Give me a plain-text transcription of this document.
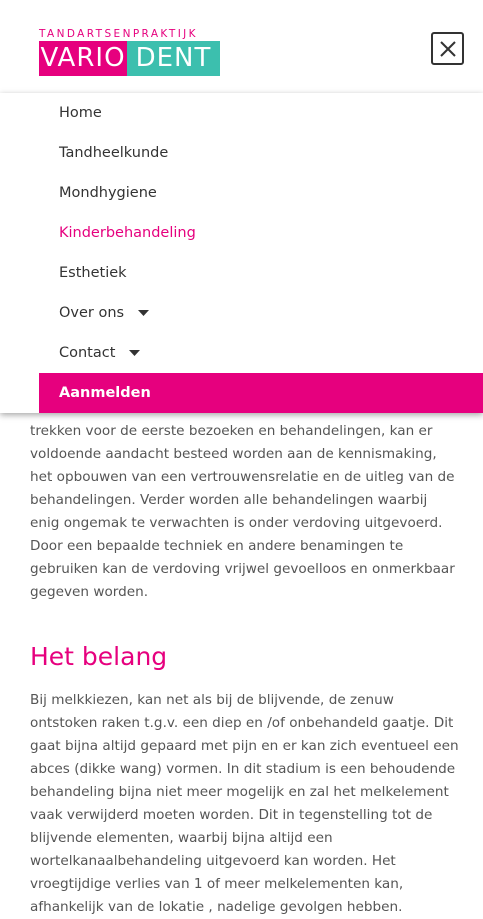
trekken voor de eerste bezoeken en behandelingen, kan er voldoende aandacht besteed worden aan de kennismaking, het opbouwen van een vertrouwensrelatie en de uitleg van de behandelingen. Verder worden alle behandelingen waarbij enig ongemak te verwachten is onder verdoving uitgevoerd. Door een bepaalde techniek en andere benamingen te gebruiken kan de verdoving vrijwel gevoelloos en onmerkbaar gegeven worden.

Het belang

Bij melkkiezen, kan net als bij de blijvende, de zenuw ontstoken raken t.g.v. een diep en /of onbehandeld gaatje. Dit gaat bijna altijd gepaard met pijn en er kan zich eventueel een abces (dikke wang) vormen. In dit stadium is een behoudende behandeling bijna niet meer mogelijk en zal het melkelement vaak verwijderd moeten worden. Dit in tegenstelling tot de blijvende elementen, waarbij bijna altijd een wortelkanaalbehandeling uitgevoerd kan worden. Het vroegtijdige verlies van 1 of meer melkelementen kan, afhankelijk van de lokatie , nadelige gevolgen hebben.

TANDARTSENPRAKTIJK
VARIO DENT
Home
Tandheelkunde
Mondhygiene
Kinderbehandeling
Esthetiek
Over ons
Contact
Aanmelden
